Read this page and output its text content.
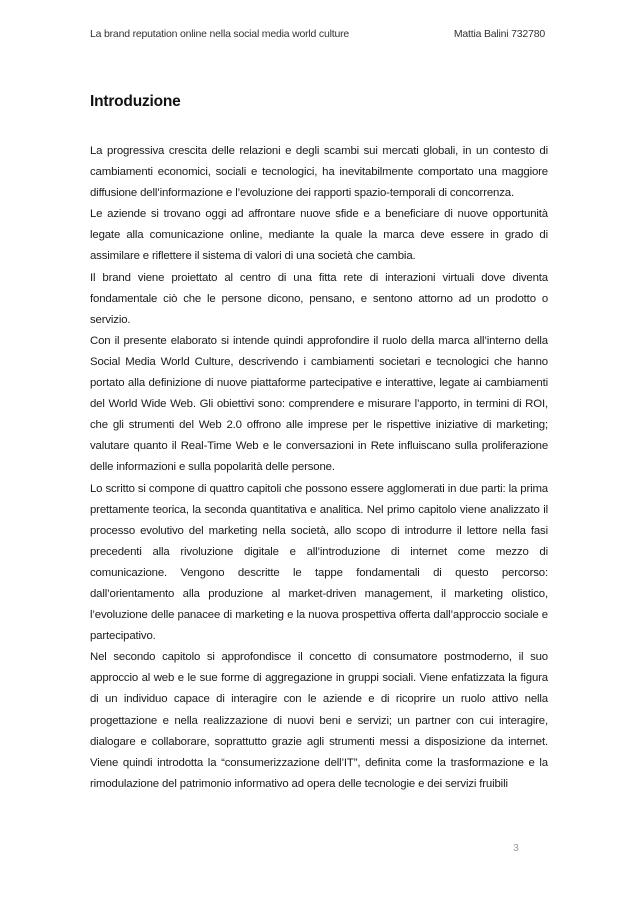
La brand reputation online nella social media world culture	Mattia Balini 732780
Introduzione

La progressiva crescita delle relazioni e degli scambi sui mercati globali, in un contesto di cambiamenti economici, sociali e tecnologici, ha inevitabilmente comportato una maggiore diffusione dell’informazione e l’evoluzione dei rapporti spazio-temporali di concorrenza.

Le aziende si trovano oggi ad affrontare nuove sfide e a beneficiare di nuove opportunità legate alla comunicazione online, mediante la quale la marca deve essere in grado di assimilare e riflettere il sistema di valori di una società che cambia.

Il brand viene proiettato al centro di una fitta rete di interazioni virtuali dove diventa fondamentale ciò che le persone dicono, pensano, e sentono attorno ad un prodotto o servizio.

Con il presente elaborato si intende quindi approfondire il ruolo della marca all’interno della Social Media World Culture, descrivendo i cambiamenti societari e tecnologici che hanno portato alla definizione di nuove piattaforme partecipative e interattive, legate ai cambiamenti del World Wide Web. Gli obiettivi sono: comprendere e misurare l’apporto, in termini di ROI, che gli strumenti del Web 2.0 offrono alle imprese per le rispettive iniziative di marketing; valutare quanto il Real-Time Web e le conversazioni in Rete influiscano sulla proliferazione delle informazioni e sulla popolarità delle persone.

Lo scritto si compone di quattro capitoli che possono essere agglomerati in due parti: la prima prettamente teorica, la seconda quantitativa e analitica. Nel primo capitolo viene analizzato il processo evolutivo del marketing nella società, allo scopo di introdurre il lettore nella fasi precedenti alla rivoluzione digitale e all’introduzione di internet come mezzo di comunicazione. Vengono descritte le tappe fondamentali di questo percorso: dall’orientamento alla produzione al market-driven management, il marketing olistico, l’evoluzione delle panacee di marketing e la nuova prospettiva offerta dall’approccio sociale e partecipativo.

Nel secondo capitolo si approfondisce il concetto di consumatore postmoderno, il suo approccio al web e le sue forme di aggregazione in gruppi sociali. Viene enfatizzata la figura di un individuo capace di interagire con le aziende e di ricoprire un ruolo attivo nella progettazione e nella realizzazione di nuovi beni e servizi; un partner con cui interagire, dialogare e collaborare, soprattutto grazie agli strumenti messi a disposizione da internet. Viene quindi introdotta la “consumerizzazione dell’IT”, definita come la trasformazione e la rimodulazione del patrimonio informativo ad opera delle tecnologie e dei servizi fruibili

3
